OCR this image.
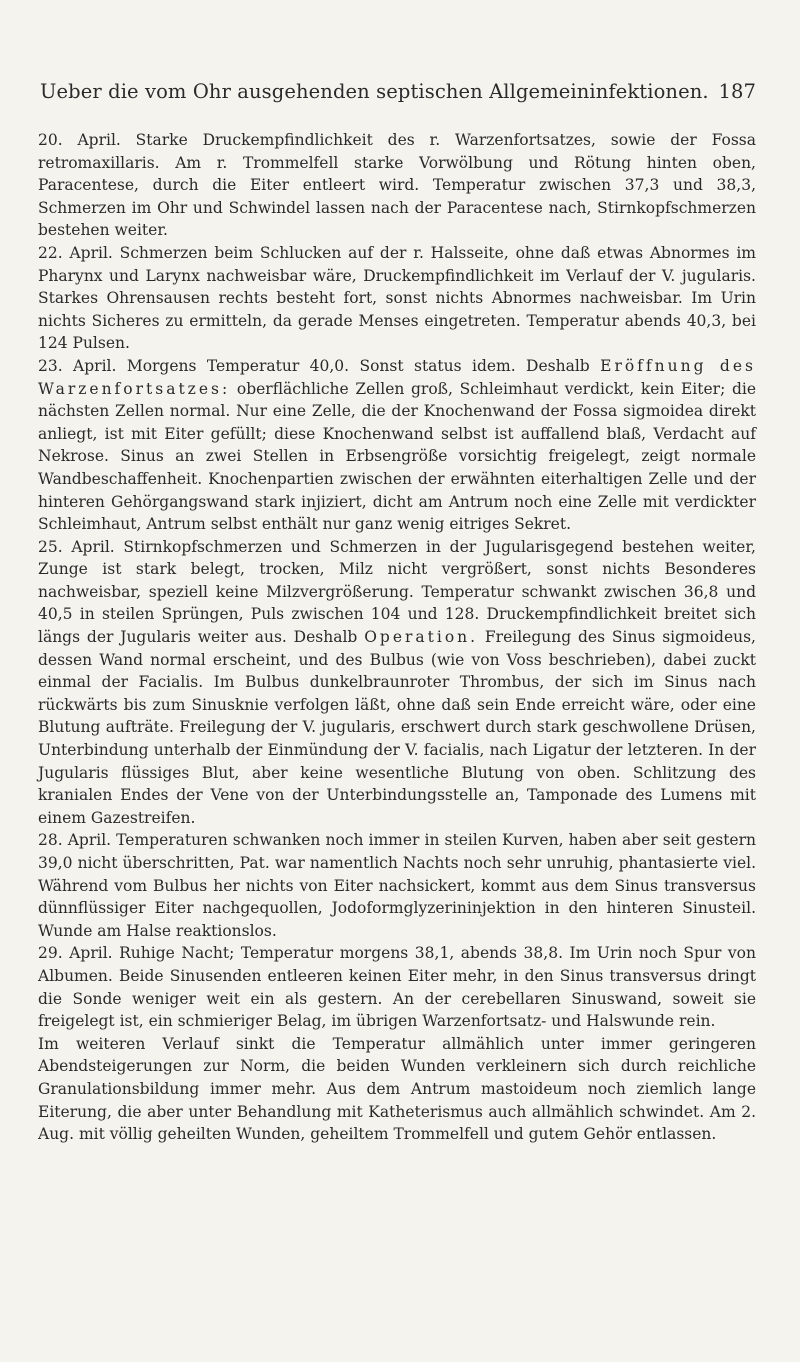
Ueber die vom Ohr ausgehenden septischen Allgemeininfektionen. 187

20. April. Starke Druckempfindlichkeit des r. Warzenfortsatzes, sowie der Fossa retromaxillaris. Am r. Trommelfell starke Vorwölbung und Rötung hinten oben, Paracentese, durch die Eiter entleert wird. Temperatur zwischen 37,3 und 38,3, Schmerzen im Ohr und Schwindel lassen nach der Paracentese nach, Stirnkopfschmerzen bestehen weiter.

22. April. Schmerzen beim Schlucken auf der r. Halsseite, ohne daß etwas Abnormes im Pharynx und Larynx nachweisbar wäre, Druckempfindlichkeit im Verlauf der V. jugularis. Starkes Ohrensausen rechts besteht fort, sonst nichts Abnormes nachweisbar. Im Urin nichts Sicheres zu ermitteln, da gerade Menses eingetreten. Temperatur abends 40,3, bei 124 Pulsen.

23. April. Morgens Temperatur 40,0. Sonst status idem. Deshalb Eröffnung des Warzenfortsatzes: oberflächliche Zellen groß, Schleimhaut verdickt, kein Eiter; die nächsten Zellen normal. Nur eine Zelle, die der Knochenwand der Fossa sigmoidea direkt anliegt, ist mit Eiter gefüllt; diese Knochenwand selbst ist auffallend blaß, Verdacht auf Nekrose. Sinus an zwei Stellen in Erbsengröße vorsichtig freigelegt, zeigt normale Wandbeschaffenheit. Knochenpartien zwischen der erwähnten eiterhaltigen Zelle und der hinteren Gehörgangswand stark injiziert, dicht am Antrum noch eine Zelle mit verdickter Schleimhaut, Antrum selbst enthält nur ganz wenig eitriges Sekret.

25. April. Stirnkopfschmerzen und Schmerzen in der Jugularisgegend bestehen weiter, Zunge ist stark belegt, trocken, Milz nicht vergrößert, sonst nichts Besonderes nachweisbar, speziell keine Milzvergrößerung. Temperatur schwankt zwischen 36,8 und 40,5 in steilen Sprüngen, Puls zwischen 104 und 128. Druckempfindlichkeit breitet sich längs der Jugularis weiter aus. Deshalb Operation. Freilegung des Sinus sigmoideus, dessen Wand normal erscheint, und des Bulbus (wie von Voss beschrieben), dabei zuckt einmal der Facialis. Im Bulbus dunkelbraunroter Thrombus, der sich im Sinus nach rückwärts bis zum Sinusknie verfolgen läßt, ohne daß sein Ende erreicht wäre, oder eine Blutung aufträte. Freilegung der V. jugularis, erschwert durch stark geschwollene Drüsen, Unterbindung unterhalb der Einmündung der V. facialis, nach Ligatur der letzteren. In der Jugularis flüssiges Blut, aber keine wesentliche Blutung von oben. Schlitzung des kranialen Endes der Vene von der Unterbindungsstelle an, Tamponade des Lumens mit einem Gazestreifen.

28. April. Temperaturen schwanken noch immer in steilen Kurven, haben aber seit gestern 39,0 nicht überschritten, Pat. war namentlich Nachts noch sehr unruhig, phantasierte viel. Während vom Bulbus her nichts von Eiter nachsickert, kommt aus dem Sinus transversus dünnflüssiger Eiter nachgequollen, Jodoformglyzerininjektion in den hinteren Sinusteil. Wunde am Halse reaktionslos.

29. April. Ruhige Nacht; Temperatur morgens 38,1, abends 38,8. Im Urin noch Spur von Albumen. Beide Sinusenden entleeren keinen Eiter mehr, in den Sinus transversus dringt die Sonde weniger weit ein als gestern. An der cerebellaren Sinuswand, soweit sie freigelegt ist, ein schmieriger Belag, im übrigen Warzenfortsatz- und Halswunde rein.

Im weiteren Verlauf sinkt die Temperatur allmählich unter immer geringeren Abendsteigerungen zur Norm, die beiden Wunden verkleinern sich durch reichliche Granulationsbildung immer mehr. Aus dem Antrum mastoideum noch ziemlich lange Eiterung, die aber unter Behandlung mit Katheterismus auch allmählich schwindet. Am 2. Aug. mit völlig geheilten Wunden, geheiltem Trommelfell und gutem Gehör entlassen.
